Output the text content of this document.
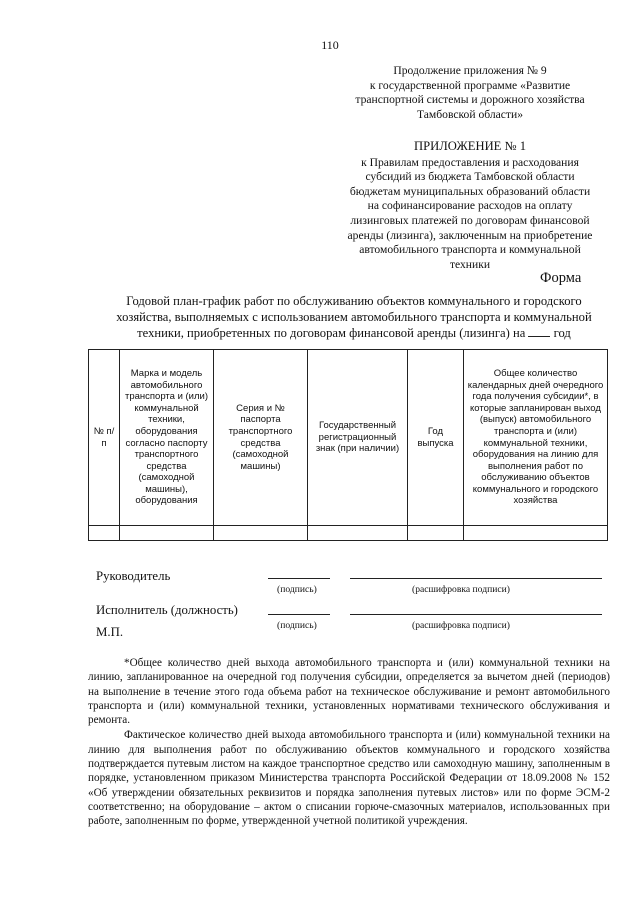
110
Продолжение приложения № 9
к государственной программе «Развитие
транспортной системы и дорожного хозяйства
Тамбовской области»
ПРИЛОЖЕНИЕ № 1
к Правилам предоставления и расходования
субсидий из бюджета Тамбовской области
бюджетам муниципальных образований области
на софинансирование расходов на оплату
лизинговых платежей по договорам финансовой
аренды (лизинга), заключенным на приобретение
автомобильного транспорта и коммунальной
техники
Форма
Годовой план-график работ по обслуживанию объектов коммунального и городского
хозяйства, выполняемых с использованием автомобильного транспорта и коммунальной
техники, приобретенных по договорам финансовой аренды (лизинга) на год
№ п/п	Марка и модель автомобильного транспорта и (или) коммунальной техники, оборудования согласно паспорту транспортного средства (самоходной машины), оборудования	Серия и № паспорта транспортного средства (самоходной машины)	Государственный регистрационный знак (при наличии)	Год выпуска	Общее количество календарных дней очередного года получения субсидии*, в которые запланирован выход (выпуск) автомобильного транспорта и (или) коммунальной техники, оборудования на линию для выполнения работ по обслуживанию объектов коммунального и городского хозяйства

Руководитель
(подпись)	(расшифровка подписи)
Исполнитель (должность)
М.П.	(подпись)	(расшифровка подписи)

*Общее количество дней выхода автомобильного транспорта и (или) коммунальной техники на линию, запланированное на очередной год получения субсидии, определяется за вычетом дней (периодов) на выполнение в течение этого года объема работ на техническое обслуживание и ремонт автомобильного транспорта и (или) коммунальной техники, установленных нормативами технического обслуживания и ремонта.

Фактическое количество дней выхода автомобильного транспорта и (или) коммунальной техники на линию для выполнения работ по обслуживанию объектов коммунального и городского хозяйства подтверждается путевым листом на каждое транспортное средство или самоходную машину, заполненным в порядке, установленном приказом Министерства транспорта Российской Федерации от 18.09.2008 № 152 «Об утверждении обязательных реквизитов и порядка заполнения путевых листов» или по форме ЭСМ-2 соответственно; на оборудование – актом о списании горюче-смазочных материалов, использованных при работе, заполненным по форме, утвержденной учетной политикой учреждения.
